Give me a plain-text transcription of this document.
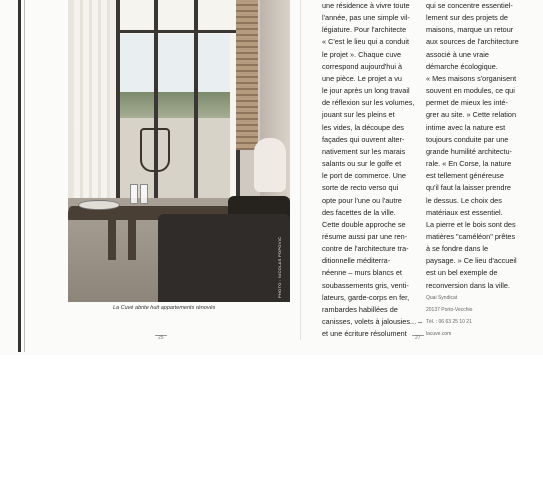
PHOTO : NICOLAS POPOVIC
La Cuvé abrite huit appartements rénovés
une résidence à vivre toute
l'année, pas une simple vil-
légiature. Pour l'architecte
« C'est le lieu qui a conduit
le projet ». Chaque cuve
correspond aujourd'hui à
une pièce. Le projet a vu
le jour après un long travail
de réflexion sur les volumes,
jouant sur les pleins et
les vides, la découpe des
façades qui ouvrent alter-
nativement sur les marais
salants ou sur le golfe et
le port de commerce. Une
sorte de recto verso qui
opte pour l'une ou l'autre
des facettes de la ville.
Cette double approche se
résume aussi par une ren-
contre de l'architecture tra-
ditionnelle méditerra-
néenne – murs blancs et
soubassements gris, venti-
lateurs, garde-corps en fer,
rambardes habillées de
canisses, volets à jalousies... –
et une écriture résolument
qui se concentre essentiel-
lement sur des projets de
maisons, marque un retour
aux sources de l'architecture
associé à une vraie
démarche écologique.
« Mes maisons s'organisent
souvent en modules, ce qui
permet de mieux les inté-
grer au site. » Cette relation
intime avec la nature est
toujours conduite par une
grande humilité architectu-
rale. « En Corse, la nature
est tellement généreuse
qu'il faut la laisser prendre
le dessus. Le choix des
matériaux est essentiel.
La pierre et le bois sont des
matières "caméléon" prêtes
à se fondre dans le
paysage. » Ce lieu d'accueil
est un bel exemple de
reconversion dans la ville.
Quai Syndicat
20137 Porto-Vecchio
Tél. : 06 63 25 10 21
lacuve.com
25	27
